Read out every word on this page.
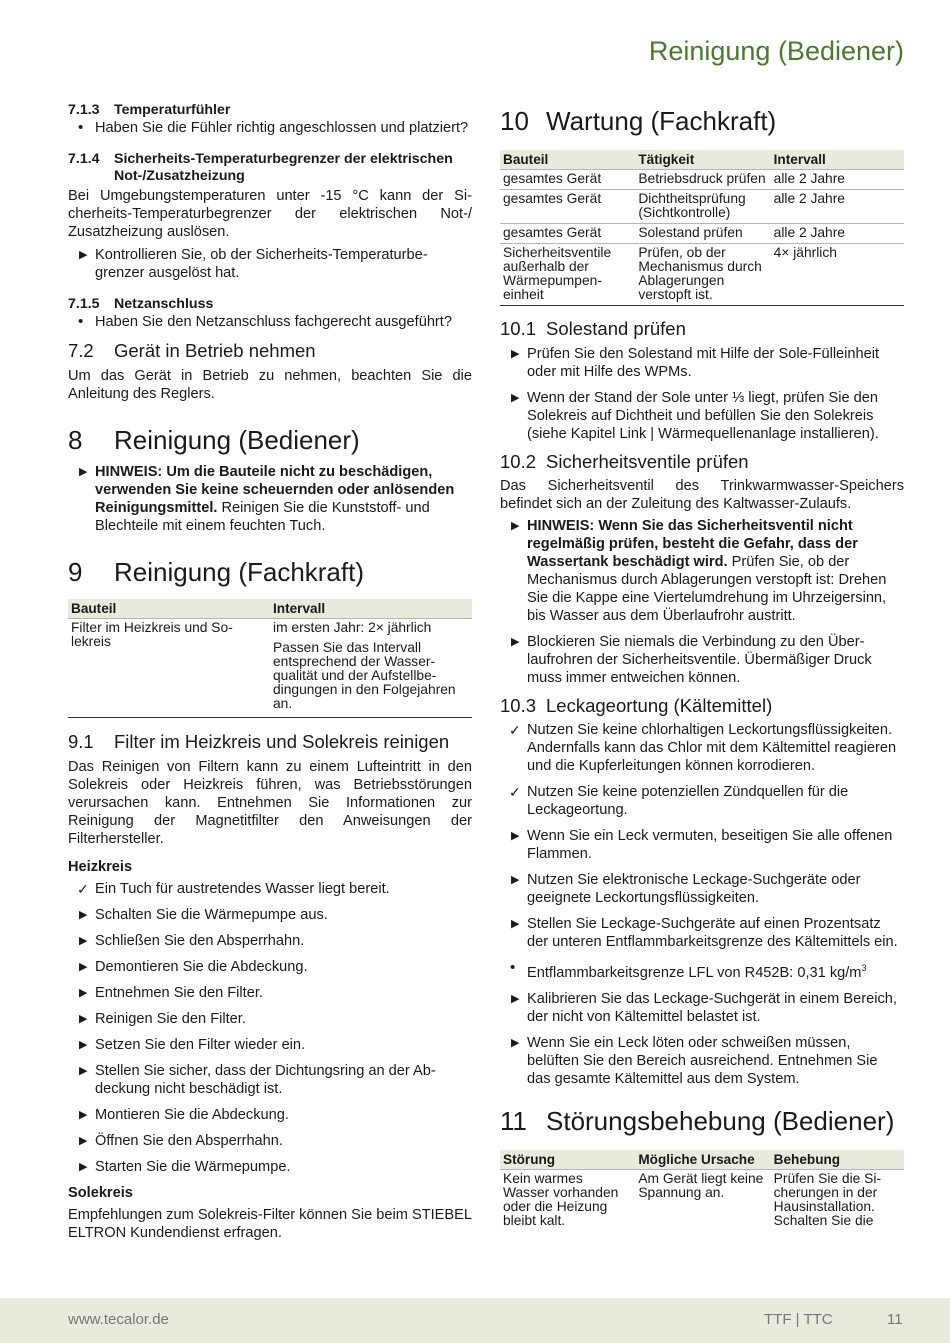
Reinigung (Bediener)
7.1.3	Temperaturfühler
• Haben Sie die Fühler richtig angeschlossen und platziert?
7.1.4	Sicherheits-Temperaturbegrenzer der elektrischen Not-/Zusatzheizung

Bei Umgebungstemperaturen unter -15 °C kann der Sicherheits-Temperaturbegrenzer der elektrischen Not-/ Zusatzheizung auslösen.

▶ Kontrollieren Sie, ob der Sicherheits-Temperaturbegrenzer ausgelöst hat.
7.1.5	Netzanschluss
• Haben Sie den Netzanschluss fachgerecht ausgeführt?
7.2	Gerät in Betrieb nehmen

Um das Gerät in Betrieb zu nehmen, beachten Sie die Anleitung des Reglers.

8	Reinigung (Bediener)
▶ HINWEIS: Um die Bauteile nicht zu beschädigen, verwenden Sie keine scheuernden oder anlösenden Reinigungsmittel. Reinigen Sie die Kunststoff- und Blechteile mit einem feuchten Tuch.
9	Reinigung (Fachkraft)
Bauteil	Intervall
Filter im Heizkreis und Solekreis	im ersten Jahr: 2× jährlich
Passen Sie das Intervall entsprechend der Wasserqualität und der Aufstellbedingungen in den Folgejahren an.
9.1	Filter im Heizkreis und Solekreis reinigen

Das Reinigen von Filtern kann zu einem Lufteintritt in den Solekreis oder Heizkreis führen, was Betriebsstörungen verursachen kann. Entnehmen Sie Informationen zur Reinigung der Magnetitfilter den Anweisungen der Filterhersteller.

Heizkreis
✓ Ein Tuch für austretendes Wasser liegt bereit.
▶ Schalten Sie die Wärmepumpe aus.
▶ Schließen Sie den Absperrhahn.
▶ Demontieren Sie die Abdeckung.
▶ Entnehmen Sie den Filter.
▶ Reinigen Sie den Filter.
▶ Setzen Sie den Filter wieder ein.
▶ Stellen Sie sicher, dass der Dichtungsring an der Abdeckung nicht beschädigt ist.
▶ Montieren Sie die Abdeckung.
▶ Öffnen Sie den Absperrhahn.
▶ Starten Sie die Wärmepumpe.
Solekreis

Empfehlungen zum Solekreis-Filter können Sie beim STIEBEL ELTRON Kundendienst erfragen.

10 Wartung (Fachkraft)
Bauteil	Tätigkeit	Intervall
gesamtes Gerät	Betriebsdruck prüfen	alle 2 Jahre
gesamtes Gerät	Dichtheitsprüfung (Sichtkontrolle)	alle 2 Jahre
gesamtes Gerät	Solestand prüfen	alle 2 Jahre
Sicherheitsventile außerhalb der Wärmepumpeneinheit	Prüfen, ob der Mechanismus durch Ablagerungen verstopft ist.	4× jährlich
10.1 Solestand prüfen
▶ Prüfen Sie den Solestand mit Hilfe der Sole-Fülleinheit oder mit Hilfe des WPMs.
▶ Wenn der Stand der Sole unter ⅓ liegt, prüfen Sie den Solekreis auf Dichtheit und befüllen Sie den Solekreis (siehe Kapitel Link | Wärmequellenanlage installieren).
10.2 Sicherheitsventile prüfen

Das Sicherheitsventil des Trinkwarmwasser-Speichers befindet sich an der Zuleitung des Kaltwasser-Zulaufs.

▶ HINWEIS: Wenn Sie das Sicherheitsventil nicht regelmäßig prüfen, besteht die Gefahr, dass der Wassertank beschädigt wird. Prüfen Sie, ob der Mechanismus durch Ablagerungen verstopft ist: Drehen Sie die Kappe eine Viertelumdrehung im Uhrzeigersinn, bis Wasser aus dem Überlaufrohr austritt.
▶ Blockieren Sie niemals die Verbindung zu den Überlaufrohren der Sicherheitsventile. Übermäßiger Druck muss immer entweichen können.
10.3 Leckageortung (Kältemittel)
✓ Nutzen Sie keine chlorhaltigen Leckortungsflüssigkeiten. Andernfalls kann das Chlor mit dem Kältemittel reagieren und die Kupferleitungen können korrodieren.
✓ Nutzen Sie keine potenziellen Zündquellen für die Leckageortung.
▶ Wenn Sie ein Leck vermuten, beseitigen Sie alle offenen Flammen.
▶ Nutzen Sie elektronische Leckage-Suchgeräte oder geeignete Leckortungsflüssigkeiten.
▶ Stellen Sie Leckage-Suchgeräte auf einen Prozentsatz der unteren Entflammbarkeitsgrenze des Kältemittels ein.
• Entflammbarkeitsgrenze LFL von R452B: 0,31 $kg/m^3$
▶ Kalibrieren Sie das Leckage-Suchgerät in einem Bereich, der nicht von Kältemittel belastet ist.
▶ Wenn Sie ein Leck löten oder schweißen müssen, belüften Sie den Bereich ausreichend. Entnehmen Sie das gesamte Kältemittel aus dem System.
11 Störungsbehebung (Bediener)
Störung	Mögliche Ursache	Behebung
Kein warmes Wasser vorhanden oder die Heizung bleibt kalt.	Am Gerät liegt keine Spannung an.	Prüfen Sie die Sicherungen in der Hausinstallation. Schalten Sie die
www.tecalor.de	TTF | TTC	11
